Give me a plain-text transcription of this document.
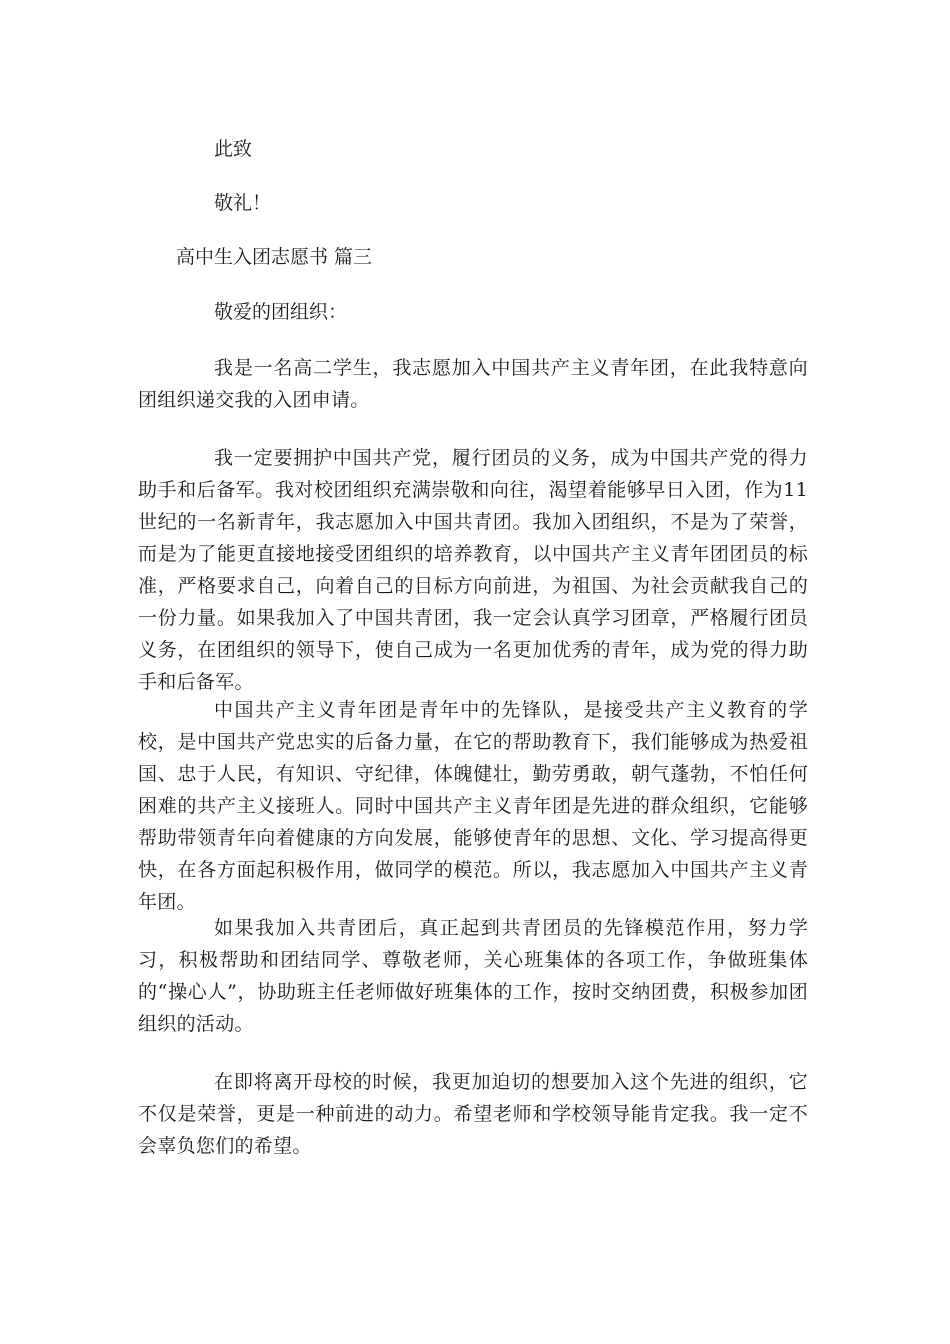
此致

敬礼！

高中生入团志愿书 篇三

敬爱的团组织：

我是一名高二学生，我志愿加入中国共产主义青年团，在此我特意向团组织递交我的入团申请。

我一定要拥护中国共产党，履行团员的义务，成为中国共产党的得力助手和后备军。我对校团组织充满崇敬和向往，渴望着能够早日入团，作为11世纪的一名新青年，我志愿加入中国共青团。我加入团组织，不是为了荣誉，而是为了能更直接地接受团组织的培养教育，以中国共产主义青年团团员的标准，严格要求自己，向着自己的目标方向前进，为祖国、为社会贡献我自己的一份力量。如果我加入了中国共青团，我一定会认真学习团章，严格履行团员义务，在团组织的领导下，使自己成为一名更加优秀的青年，成为党的得力助手和后备军。

中国共产主义青年团是青年中的先锋队，是接受共产主义教育的学校，是中国共产党忠实的后备力量，在它的帮助教育下，我们能够成为热爱祖国、忠于人民，有知识、守纪律，体魄健壮，勤劳勇敢，朝气蓬勃，不怕任何困难的共产主义接班人。同时中国共产主义青年团是先进的群众组织，它能够帮助带领青年向着健康的方向发展，能够使青年的思想、文化、学习提高得更快，在各方面起积极作用，做同学的模范。所以，我志愿加入中国共产主义青年团。

如果我加入共青团后，真正起到共青团员的先锋模范作用，努力学习，积极帮助和团结同学、尊敬老师，关心班集体的各项工作，争做班集体的“操心人”，协助班主任老师做好班集体的工作，按时交纳团费，积极参加团组织的活动。

在即将离开母校的时候，我更加迫切的想要加入这个先进的组织，它不仅是荣誉，更是一种前进的动力。希望老师和学校领导能肯定我。我一定不会辜负您们的希望。
